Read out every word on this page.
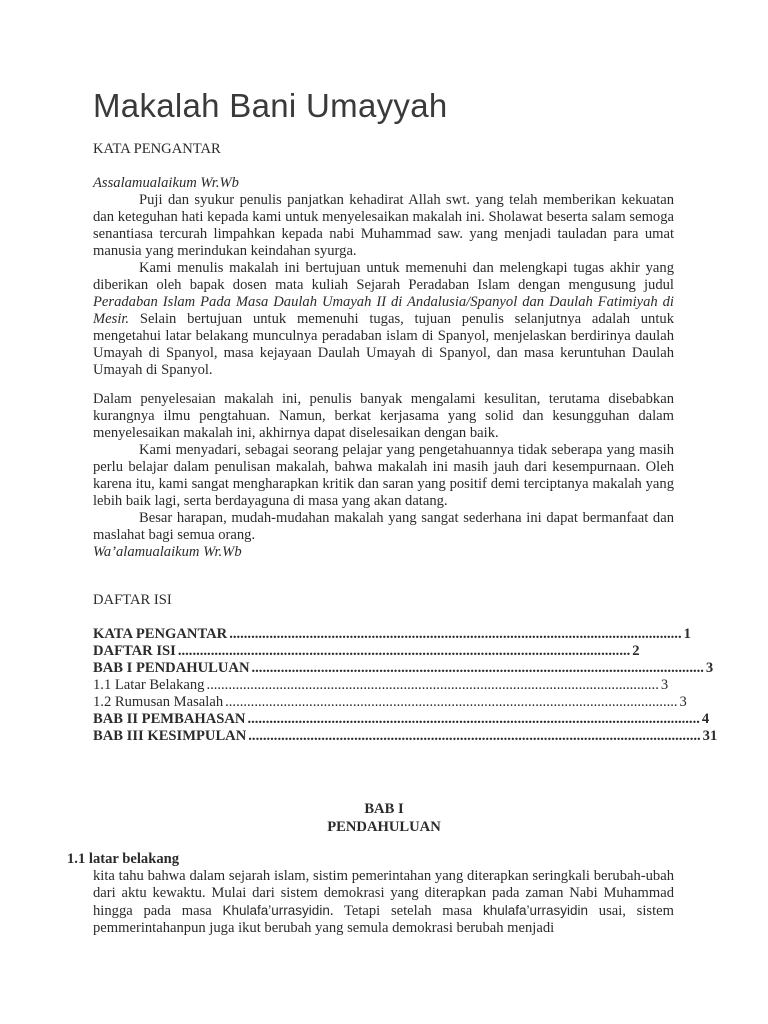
Makalah Bani Umayyah
KATA PENGANTAR

Assalamualaikum Wr.Wb

Puji dan syukur penulis panjatkan kehadirat Allah swt. yang telah memberikan kekuatan dan keteguhan hati kepada kami untuk menyelesaikan makalah ini. Sholawat beserta salam semoga senantiasa tercurah limpahkan kepada nabi Muhammad saw. yang menjadi tauladan para umat manusia yang merindukan keindahan syurga.

Kami menulis makalah ini bertujuan untuk memenuhi dan melengkapi tugas akhir yang diberikan oleh bapak dosen mata kuliah Sejarah Peradaban Islam dengan mengusung judul Peradaban Islam Pada Masa Daulah Umayah II di Andalusia/Spanyol dan Daulah Fatimiyah di Mesir. Selain bertujuan untuk memenuhi tugas, tujuan penulis selanjutnya adalah untuk mengetahui latar belakang munculnya peradaban islam di Spanyol, menjelaskan berdirinya daulah Umayah di Spanyol, masa kejayaan Daulah Umayah di Spanyol, dan masa keruntuhan Daulah Umayah di Spanyol.

Dalam penyelesaian makalah ini, penulis banyak mengalami kesulitan, terutama disebabkan kurangnya ilmu pengtahuan. Namun, berkat kerjasama yang solid dan kesungguhan dalam menyelesaikan makalah ini, akhirnya dapat diselesaikan dengan baik.

Kami menyadari, sebagai seorang pelajar yang pengetahuannya tidak seberapa yang masih perlu belajar dalam penulisan makalah, bahwa makalah ini masih jauh dari kesempurnaan. Oleh karena itu, kami sangat mengharapkan kritik dan saran yang positif demi terciptanya makalah yang lebih baik lagi, serta berdayaguna di masa yang akan datang.

Besar harapan, mudah-mudahan makalah yang sangat sederhana ini dapat bermanfaat dan maslahat bagi semua orang.

Wa’alamualaikum Wr.Wb

DAFTAR ISI
KATA PENGANTAR ............................................................................................................................ 1
DAFTAR ISI ............................................................................................................................ 2
BAB I PENDAHULUAN ............................................................................................................................ 3
1.1 Latar Belakang ............................................................................................................................ 3
1.2 Rumusan Masalah ............................................................................................................................ 3
BAB II PEMBAHASAN ............................................................................................................................ 4
BAB III KESIMPULAN ............................................................................................................................ 31

BAB I

PENDAHULUAN

1.1 latar belakang

kita tahu bahwa dalam sejarah islam, sistim pemerintahan yang diterapkan seringkali berubah-ubah dari aktu kewaktu. Mulai dari sistem demokrasi yang diterapkan pada zaman Nabi Muhammad hingga pada masa Khulafa’urrasyidin. Tetapi setelah masa khulafa’urrasyidin usai, sistem pemmerintahanpun juga ikut berubah yang semula demokrasi berubah menjadi
